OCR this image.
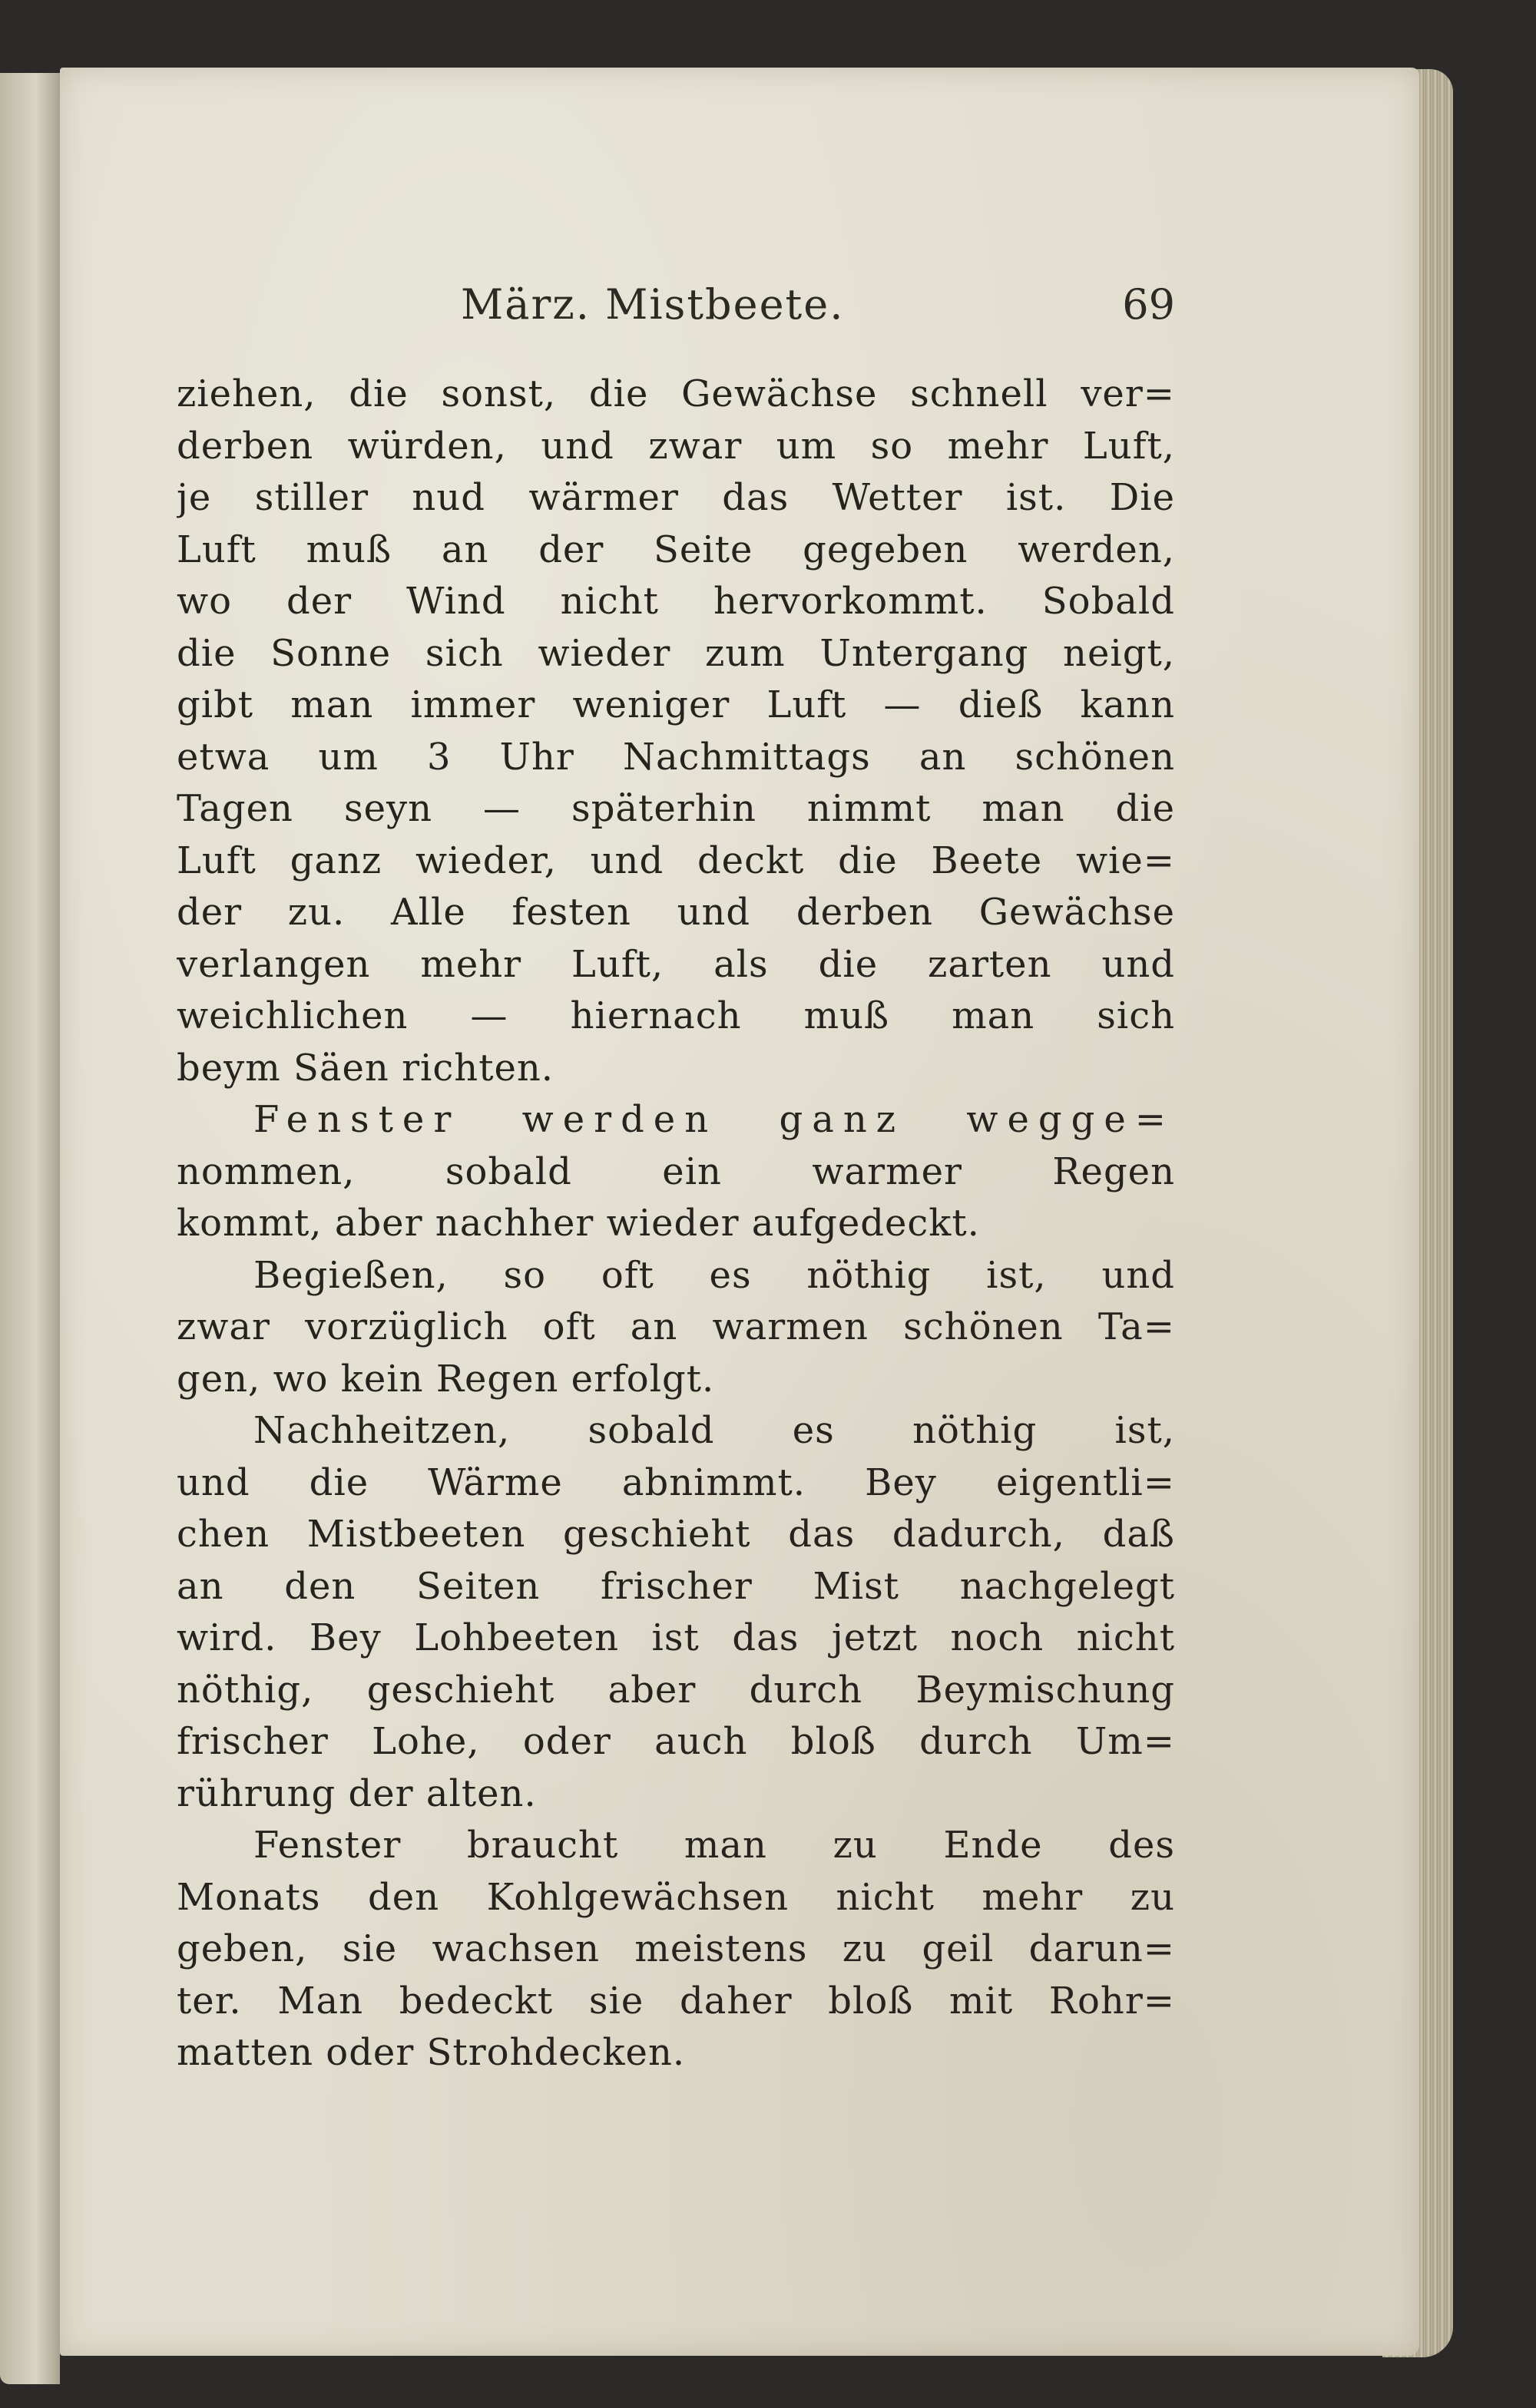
März. Mistbeete.	69
ziehen, die sonst, die Gewächse schnell ver=
derben würden, und zwar um so mehr Luft,
je stiller nud wärmer das Wetter ist. Die
Luft muß an der Seite gegeben werden,
wo der Wind nicht hervorkommt. Sobald
die Sonne sich wieder zum Untergang neigt,
gibt man immer weniger Luft — dieß kann
etwa um 3 Uhr Nachmittags an schönen
Tagen seyn — späterhin nimmt man die
Luft ganz wieder, und deckt die Beete wie=
der zu. Alle festen und derben Gewächse
verlangen mehr Luft, als die zarten und
weichlichen — hiernach muß man sich
beym Säen richten.
Fenster werden ganz wegge=
nommen, sobald ein warmer Regen
kommt, aber nachher wieder aufgedeckt.
Begießen, so oft es nöthig ist, und
zwar vorzüglich oft an warmen schönen Ta=
gen, wo kein Regen erfolgt.
Nachheitzen, sobald es nöthig ist,
und die Wärme abnimmt. Bey eigentli=
chen Mistbeeten geschieht das dadurch, daß
an den Seiten frischer Mist nachgelegt
wird. Bey Lohbeeten ist das jetzt noch nicht
nöthig, geschieht aber durch Beymischung
frischer Lohe, oder auch bloß durch Um=
rührung der alten.
Fenster braucht man zu Ende des
Monats den Kohlgewächsen nicht mehr zu
geben, sie wachsen meistens zu geil darun=
ter. Man bedeckt sie daher bloß mit Rohr=
matten oder Strohdecken.
